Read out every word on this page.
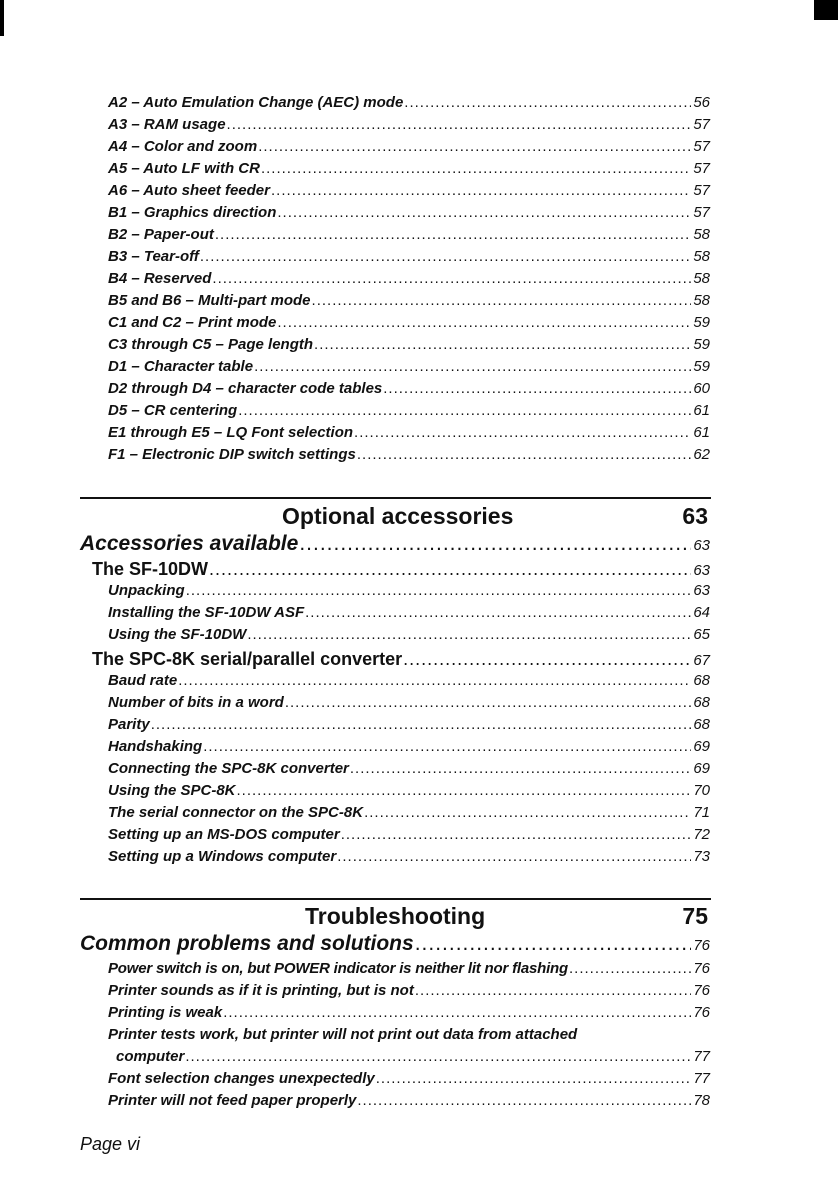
A2 – Auto Emulation Change (AEC) mode .....	56
A3 – RAM usage .....	57
A4 – Color and zoom .....	57
A5 – Auto LF with CR .....	57
A6 – Auto sheet feeder .....	57
B1 – Graphics direction .....	57
B2 – Paper-out .....	58
B3 – Tear-off .....	58
B4 – Reserved .....	58
B5 and B6 – Multi-part mode .....	58
C1 and C2 – Print mode .....	59
C3 through C5 – Page length .....	59
D1 – Character table .....	59
D2 through D4 – character code tables .....	60
D5 – CR centering .....	61
E1 through E5 – LQ Font selection .....	61
F1 – Electronic DIP switch settings .....	62
Optional accessories	63
Accessories available .....	63
The SF-10DW .....	63
Unpacking .....	63
Installing the SF-10DW ASF .....	64
Using the SF-10DW .....	65
The SPC-8K serial/parallel converter .....	67
Baud rate .....	68
Number of bits in a word .....	68
Parity .....	68
Handshaking .....	69
Connecting the SPC-8K converter .....	69
Using the SPC-8K .....	70
The serial connector on the SPC-8K .....	71
Setting up an MS-DOS computer .....	72
Setting up a Windows computer .....	73
Troubleshooting	75
Common problems and solutions .....	76
Power switch is on, but POWER indicator is neither lit nor flashing .....	76
Printer sounds as if it is printing, but is not .....	76
Printing is weak .....	76
Printer tests work, but printer will not print out data from attached
computer .....	77
Font selection changes unexpectedly .....	77
Printer will not feed paper properly .....	78
Page vi
